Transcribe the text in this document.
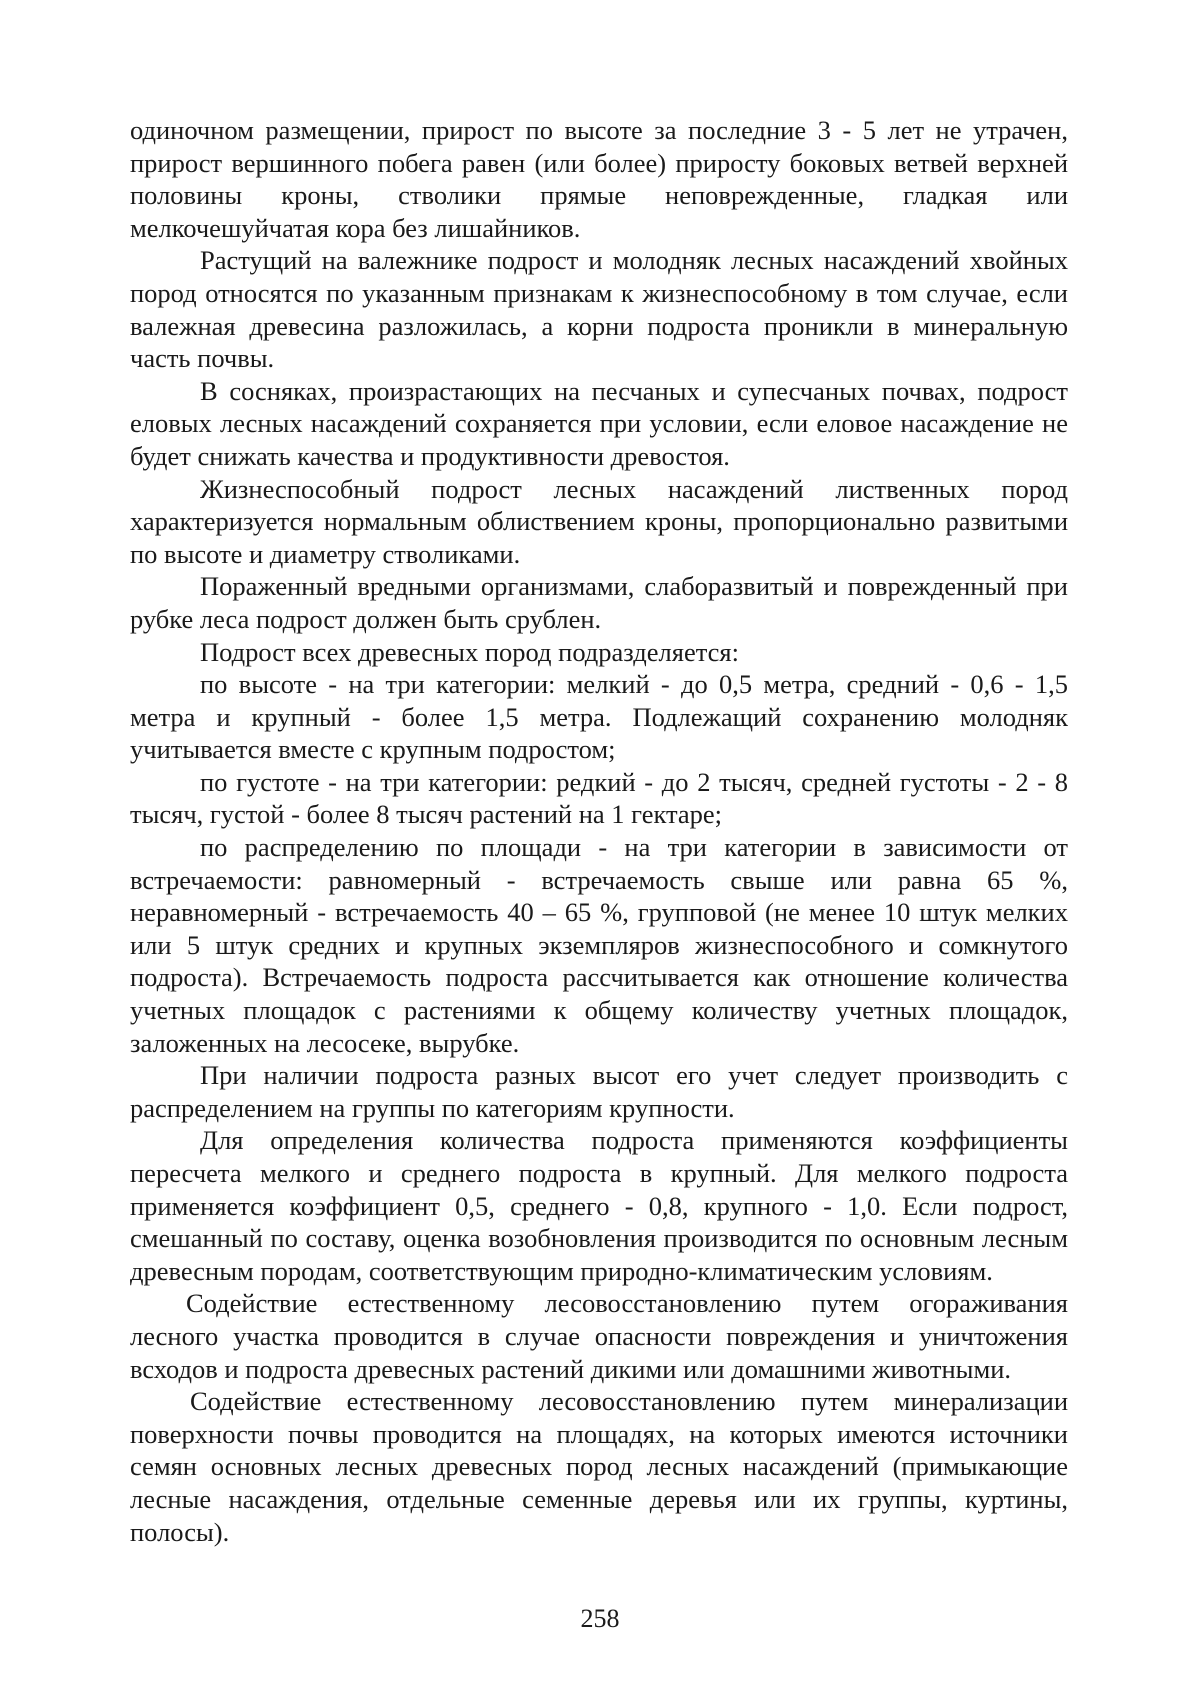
одиночном размещении, прирост по высоте за последние 3 - 5 лет не утрачен, прирост вершинного побега равен (или более) приросту боковых ветвей верхней половины кроны, стволики прямые неповрежденные, гладкая или мелкочешуйчатая кора без лишайников.

Растущий на валежнике подрост и молодняк лесных насаждений хвойных пород относятся по указанным признакам к жизнеспособному в том случае, если валежная древесина разложилась, а корни подроста проникли в минеральную часть почвы.

В сосняках, произрастающих на песчаных и супесчаных почвах, подрост еловых лесных насаждений сохраняется при условии, если еловое насаждение не будет снижать качества и продуктивности древостоя.

Жизнеспособный подрост лесных насаждений лиственных пород характеризуется нормальным облиствением кроны, пропорционально развитыми по высоте и диаметру стволиками.

Пораженный вредными организмами, слаборазвитый и поврежденный при рубке леса подрост должен быть срублен.

Подрост всех древесных пород подразделяется:

по высоте - на три категории: мелкий - до 0,5 метра, средний - 0,6 - 1,5 метра и крупный - более 1,5 метра. Подлежащий сохранению молодняк учитывается вместе с крупным подростом;

по густоте - на три категории: редкий - до 2 тысяч, средней густоты - 2 - 8 тысяч, густой - более 8 тысяч растений на 1 гектаре;

по распределению по площади - на три категории в зависимости от встречаемости: равномерный - встречаемость свыше или равна 65 %, неравномерный - встречаемость 40 – 65 %, групповой (не менее 10 штук мелких или 5 штук средних и крупных экземпляров жизнеспособного и сомкнутого подроста). Встречаемость подроста рассчитывается как отношение количества учетных площадок с растениями к общему количеству учетных площадок, заложенных на лесосеке, вырубке.

При наличии подроста разных высот его учет следует производить с распределением на группы по категориям крупности.

Для определения количества подроста применяются коэффициенты пересчета мелкого и среднего подроста в крупный. Для мелкого подроста применяется коэффициент 0,5, среднего - 0,8, крупного - 1,0. Если подрост, смешанный по составу, оценка возобновления производится по основным лесным древесным породам, соответствующим природно-климатическим условиям.

Содействие естественному лесовосстановлению путем огораживания лесного участка проводится в случае опасности повреждения и уничтожения всходов и подроста древесных растений дикими или домашними животными.

Содействие естественному лесовосстановлению путем минерализации поверхности почвы проводится на площадях, на которых имеются источники семян основных лесных древесных пород лесных насаждений (примыкающие лесные насаждения, отдельные семенные деревья или их группы, куртины, полосы).

258
